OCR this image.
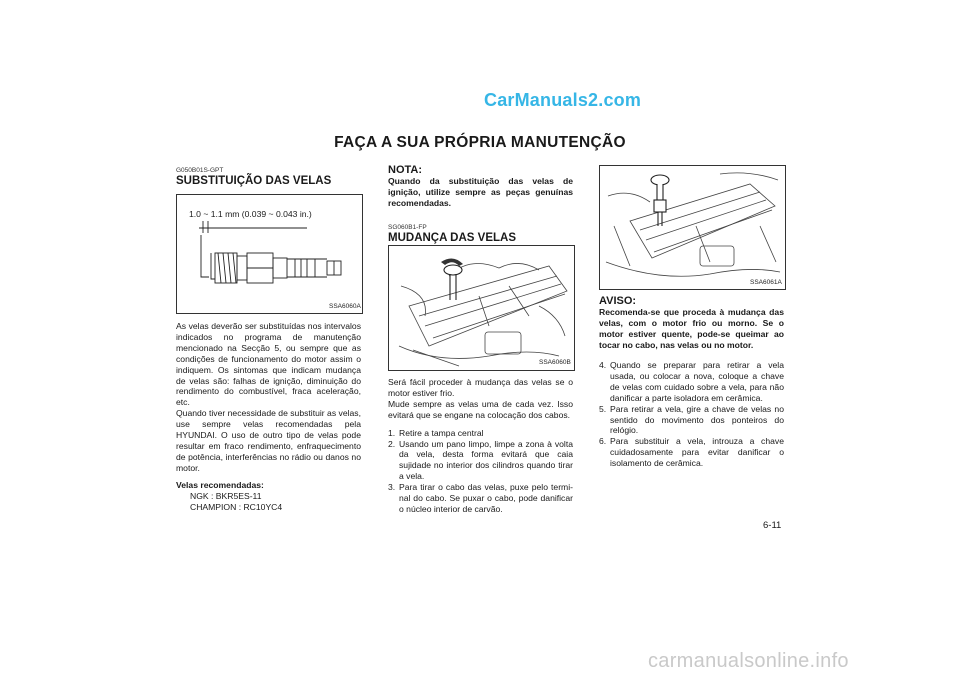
CarManuals2.com
FAÇA A SUA PRÓPRIA MANUTENÇÃO
G050B01S-GPT
SUBSTITUIÇÃO DAS VELAS
1.0 ~ 1.1 mm (0.039 ~ 0.043 in.)
SSA6060A
As velas deverão ser substituídas nos intervalos indicados no programa de manutenção mencionado na Secção 5, ou sempre que as condições de funcionamento do motor assim o indiquem. Os sintomas que indicam mudança de velas são: falhas de ignição, diminuição do rendimento do combustível, fraca aceleração, etc.
Quando tiver necessidade de substituir as velas, use sempre velas recomendadas pela HYUNDAI. O uso de outro tipo de velas pode resultar em fraco rendimento, enfraquecimento de potência, interferências no rádio ou danos no motor.
Velas recomendadas:
NGK : BKR5ES-11
CHAMPION : RC10YC4
NOTA:
Quando da substituição das velas de ignição, utilize sempre as peças genuínas recomendadas.
SG060B1-FP
MUDANÇA DAS VELAS
SSA6060B
Será fácil proceder à mudança das velas se o motor estiver frio.
Mude sempre as velas uma de cada vez. Isso evitará que se engane na colocação dos cabos.
1. Retire a tampa central
2. Usando um pano limpo, limpe a zona à volta da vela, desta forma evitará que caia sujidade no interior dos cilindros quando tirar a vela.
3. Para tirar o cabo das velas, puxe pelo termi- nal do cabo. Se puxar o cabo, pode danificar o núcleo interior de carvão.
SSA6061A
AVISO:
Recomenda-se que proceda à mudança das velas, com o motor frio ou morno. Se o motor estiver quente, pode-se queimar ao tocar no cabo, nas velas ou no motor.
4. Quando se preparar para retirar a vela usada, ou colocar a nova, coloque a chave de velas com cuidado sobre a vela, para não danificar a parte isoladora em cerâmica.
5. Para retirar a vela, gire a chave de velas no sentido do movimento dos ponteiros do relógio.
6. Para substituir a vela, introuza a chave cuidadosamente para evitar danificar o isolamento de cerâmica.
6-11
carmanualsonline.info
